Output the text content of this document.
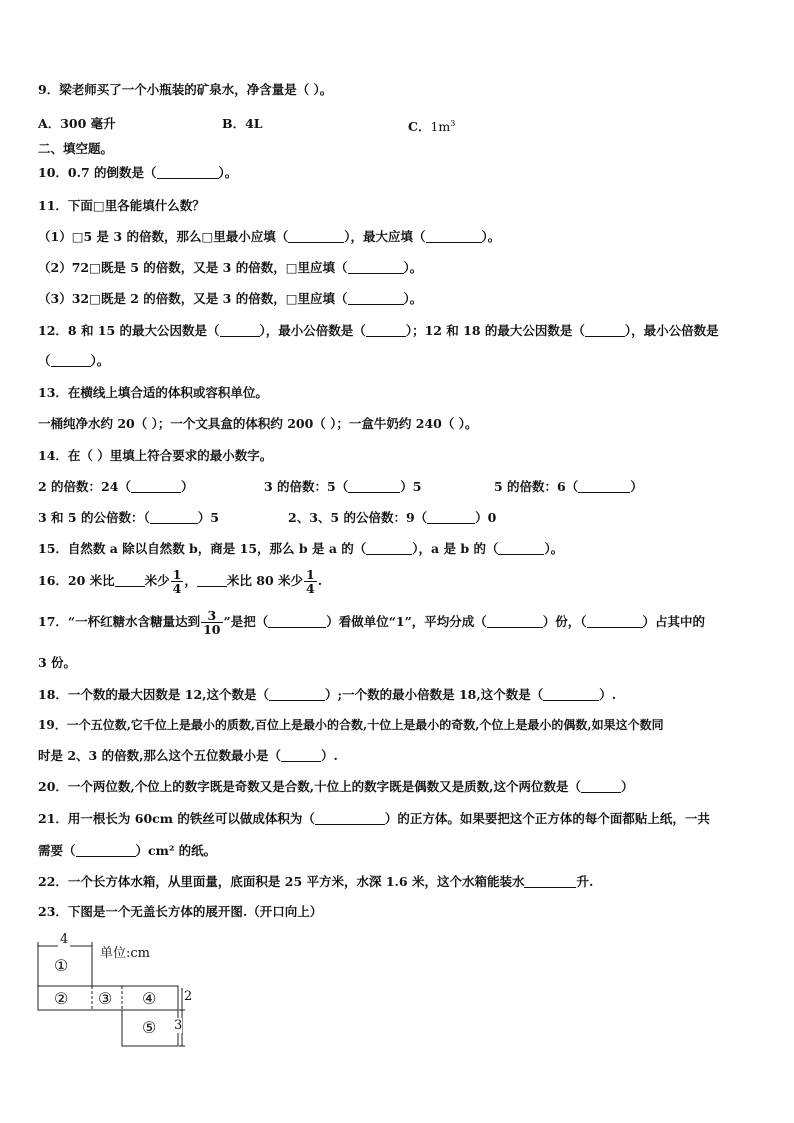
9．梁老师买了一个小瓶装的矿泉水，净含量是（ ）。
A．300 毫升	B．4L	C．$1m^3$
二、填空题。
10．0.7 的倒数是（	）。
11．下面□里各能填什么数？
（1）□5 是 3 的倍数，那么□里最小应填（	），最大应填（	）。
（2）72□既是 5 的倍数，又是 3 的倍数，□里应填（	）。
（3）32□既是 2 的倍数，又是 3 的倍数，□里应填（	）。
12．8 和 15 的最大公因数是（	），最小公倍数是（	）；12 和 18 的最大公因数是（	），最小公倍数是
（	）。
13．在横线上填合适的体积或容积单位。
一桶纯净水约 20（ ）；一个文具盒的体积约 200（ ）；一盒牛奶约 240（ ）。
14．在（ ）里填上符合要求的最小数字。
2 的倍数：24（	）	3 的倍数：5（	）5	5 的倍数：6（	）
3 和 5 的公倍数：（	）5	2、3、5 的公倍数：9（	）0
15．自然数 a 除以自然数 b，商是 15，那么 b 是 a 的（	），a 是 b 的（	）。
16．20 米比 米少 $\frac{1}{4}$ ， 米比 80 米少 $\frac{1}{4}$ .
17．“一杯红糖水含糖量达到 $\frac{3}{10}$ ”是把（	）看做单位“1”，平均分成（	）份，（	）占其中的
3 份。
18．一个数的最大因数是 12,这个数是（	）;一个数的最小倍数是 18,这个数是（	）.
19．一个五位数,它千位上是最小的质数,百位上是最小的合数,十位上是最小的奇数,个位上是最小的偶数,如果这个数同
时是 2、3 的倍数,那么这个五位数最小是（	）.
20．一个两位数,个位上的数字既是奇数又是合数,十位上的数字既是偶数又是质数,这个两位数是（	）
21．用一根长为 60cm 的铁丝可以做成体积为（	）的正方体。如果要把这个正方体的每个面都贴上纸，一共
需要（	）cm² 的纸。
22．一个长方体水箱，从里面量，底面积是 25 平方米，水深 1.6 米，这个水箱能装水	升.
23．下图是一个无盖长方体的展开图.（开口向上）
4
单位:cm
①
② ③ ④
⑤
2
3
